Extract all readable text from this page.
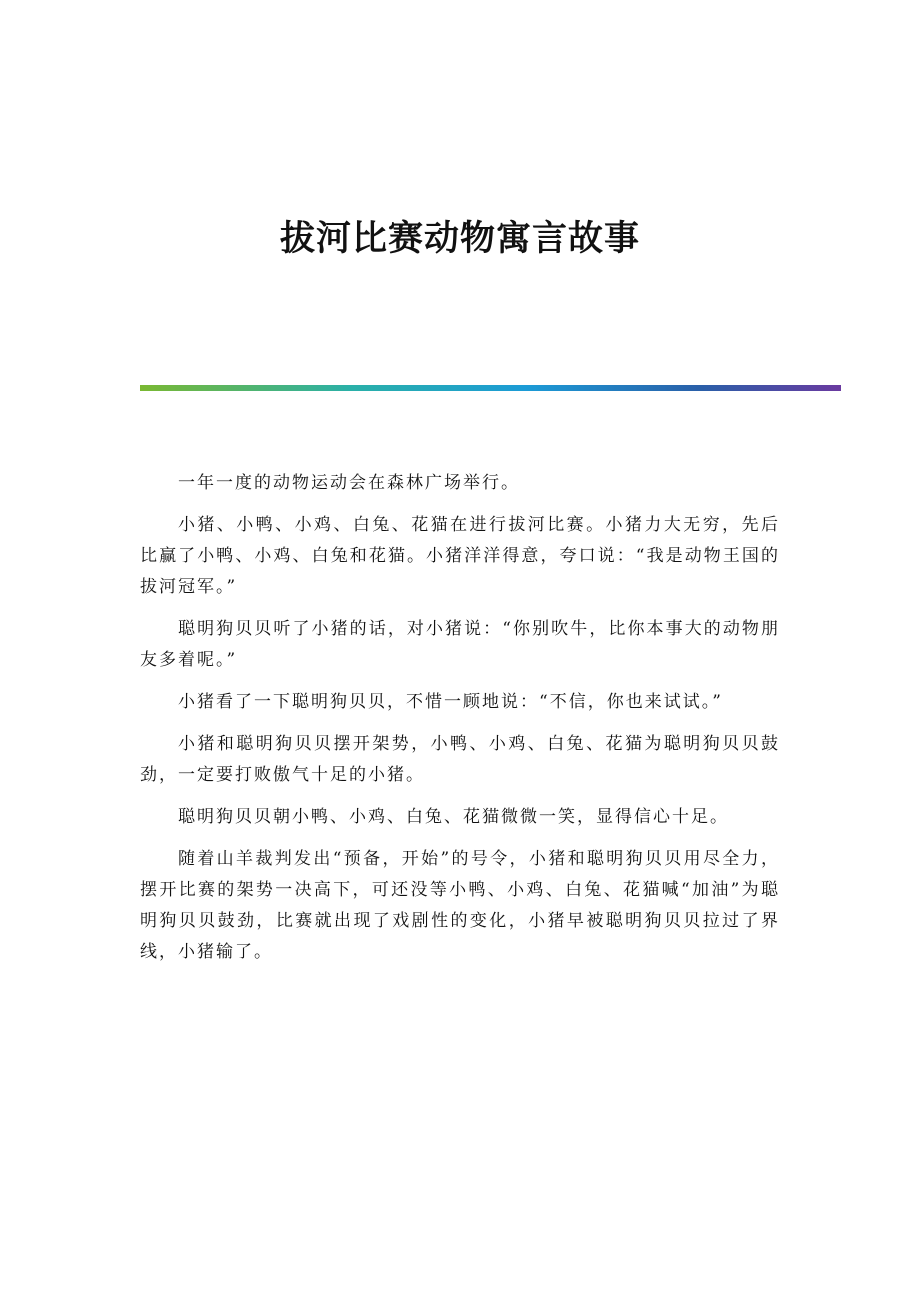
拔河比赛动物寓言故事

一年一度的动物运动会在森林广场举行。

小猪、小鸭、小鸡、白兔、花猫在进行拔河比赛。小猪力大无穷，先后比赢了小鸭、小鸡、白兔和花猫。小猪洋洋得意，夸口说：“我是动物王国的拔河冠军。”

聪明狗贝贝听了小猪的话，对小猪说：“你别吹牛，比你本事大的动物朋友多着呢。”

小猪看了一下聪明狗贝贝，不惜一顾地说：“不信，你也来试试。”

小猪和聪明狗贝贝摆开架势，小鸭、小鸡、白兔、花猫为聪明狗贝贝鼓劲，一定要打败傲气十足的小猪。

聪明狗贝贝朝小鸭、小鸡、白兔、花猫微微一笑，显得信心十足。

随着山羊裁判发出“预备，开始”的号令，小猪和聪明狗贝贝用尽全力，摆开比赛的架势一决高下，可还没等小鸭、小鸡、白兔、花猫喊“加油”为聪明狗贝贝鼓劲，比赛就出现了戏剧性的变化，小猪早被聪明狗贝贝拉过了界线，小猪输了。
